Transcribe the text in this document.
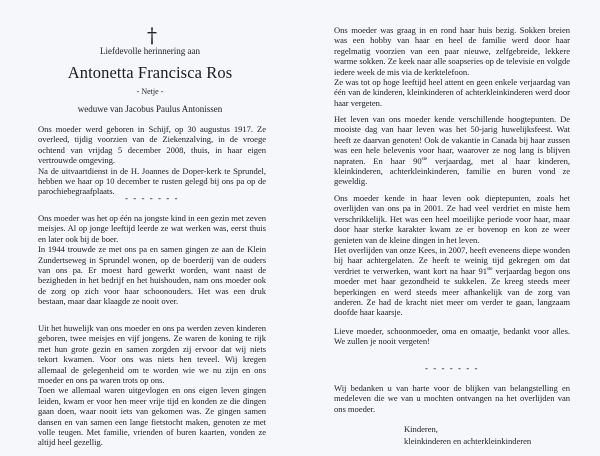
†
Liefdevolle herinnering aan
Antonetta Francisca Ros
- Netje -
weduwe van Jacobus Paulus Antonissen

Ons moeder werd geboren in Schijf, op 30 augustus 1917. Ze overleed, tijdig voorzien van de Ziekenzalving, in de vroege ochtend van vrijdag 5 december 2008, thuis, in haar eigen vertrouwde omgeving.

Na de uitvaartdienst in de H. Joannes de Doper-kerk te Sprundel, hebben we haar op 10 december te rusten gelegd bij ons pa op de parochiebegraafplaats.

- - - - - - -

Ons moeder was het op één na jongste kind in een gezin met zeven meisjes. Al op jonge leeftijd leerde ze wat werken was, eerst thuis en later ook bij de boer.

In 1944 trouwde ze met ons pa en samen gingen ze aan de Klein Zundertseweg in Sprundel wonen, op de boerderij van de ouders van ons pa. Er moest hard gewerkt worden, want naast de bezigheden in het bedrijf en het huishouden, nam ons moeder ook de zorg op zich voor haar schoonouders. Het was een druk bestaan, maar daar klaagde ze nooit over.

Uit het huwelijk van ons moeder en ons pa werden zeven kinderen geboren, twee meisjes en vijf jongens. Ze waren de koning te rijk met hun grote gezin en samen zorgden zij ervoor dat wij niets tekort kwamen. Voor ons was niets hen teveel. Wij kregen allemaal de gelegenheid om te worden wie we nu zijn en ons moeder en ons pa waren trots op ons.

Toen we allemaal waren uitgevlogen en ons eigen leven gingen leiden, kwam er voor hen meer vrije tijd en konden ze die dingen gaan doen, waar nooit iets van gekomen was. Ze gingen samen dansen en van samen een lange fietstocht maken, genoten ze met volle teugen. Met familie, vrienden of buren kaarten, vonden ze altijd heel gezellig.

Ons moeder was graag in en rond haar huis bezig. Sokken breien was een hobby van haar en heel de familie werd door haar regelmatig voorzien van een paar nieuwe, zelfgebreide, lekkere warme sokken. Ze keek naar alle soapseries op de televisie en volgde iedere week de mis via de kerktelefoon.

Ze was tot op hoge leeftijd heel attent en geen enkele verjaardag van één van de kinderen, kleinkinderen of achterkleinkinderen werd door haar vergeten.

Het leven van ons moeder kende verschillende hoogtepunten. De mooiste dag van haar leven was het 50-jarig huwelijksfeest. Wat heeft ze daarvan genoten! Ook de vakantie in Canada bij haar zussen was een hele belevenis voor haar, waarover ze nog lang is blijven napraten. En haar 90ste verjaardag, met al haar kinderen, kleinkinderen, achterkleinkinderen, familie en buren vond ze geweldig.

Ons moeder kende in haar leven ook dieptepunten, zoals het overlijden van ons pa in 2001. Ze had veel verdriet en miste hem verschrikkelijk. Het was een heel moeilijke periode voor haar, maar door haar sterke karakter kwam ze er bovenop en kon ze weer genieten van de kleine dingen in het leven.

Het overlijden van onze Kees, in 2007, heeft eveneens diepe wonden bij haar achtergelaten. Ze heeft te weinig tijd gekregen om dat verdriet te verwerken, want kort na haar 91ste verjaardag begon ons moeder met haar gezondheid te sukkelen. Ze kreeg steeds meer beperkingen en werd steeds meer afhankelijk van de zorg van anderen. Ze had de kracht niet meer om verder te gaan, langzaam doofde haar kaarsje.

Lieve moeder, schoonmoeder, oma en omaatje, bedankt voor alles. We zullen je nooit vergeten!

- - - - - - -

Wij bedanken u van harte voor de blijken van belangstelling en medeleven die we van u mochten ontvangen na het overlijden van ons moeder.

Kinderen,

kleinkinderen en achterkleinkinderen
